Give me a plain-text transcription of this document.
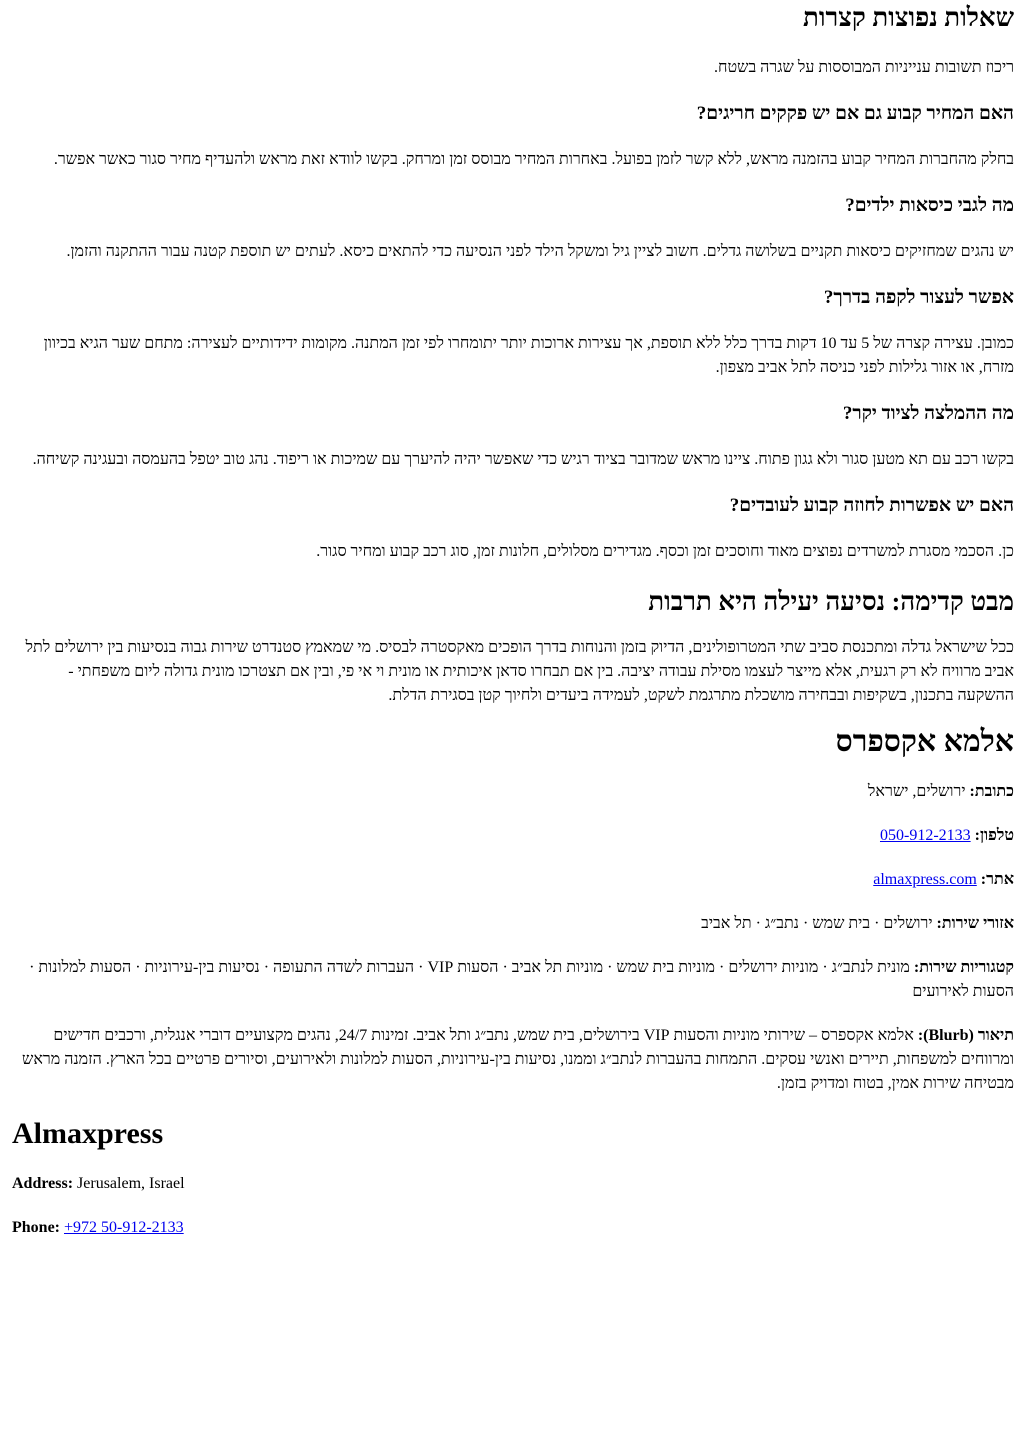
שאלות נפוצות קצרות

ריכוז תשובות ענייניות המבוססות על שגרה בשטח.

האם המחיר קבוע גם אם יש פקקים חריגים?

בחלק מהחברות המחיר קבוע בהזמנה מראש, ללא קשר לזמן בפועל. באחרות המחיר מבוסס זמן ומרחק. בקשו לוודא זאת מראש ולהעדיף מחיר סגור כאשר אפשר.

מה לגבי כיסאות ילדים?

יש נהגים שמחזיקים כיסאות תקניים בשלושה גדלים. חשוב לציין גיל ומשקל הילד לפני הנסיעה כדי להתאים כיסא. לעתים יש תוספת קטנה עבור ההתקנה והזמן.

אפשר לעצור לקפה בדרך?

כמובן. עצירה קצרה של 5 עד 10 דקות בדרך כלל ללא תוספת, אך עצירות ארוכות יותר יתומחרו לפי זמן המתנה. מקומות ידידותיים לעצירה: מתחם שער הגיא בכיוון מזרח, או אזור גלילות לפני כניסה לתל אביב מצפון.

מה ההמלצה לציוד יקר?

בקשו רכב עם תא מטען סגור ולא גגון פתוח. ציינו מראש שמדובר בציוד רגיש כדי שאפשר יהיה להיערך עם שמיכות או ריפוד. נהג טוב יטפל בהעמסה ובעגינה קשיחה.

האם יש אפשרות לחוזה קבוע לעובדים?

כן. הסכמי מסגרת למשרדים נפוצים מאוד וחוסכים זמן וכסף. מגדירים מסלולים, חלונות זמן, סוג רכב קבוע ומחיר סגור.

מבט קדימה: נסיעה יעילה היא תרבות

ככל שישראל גדלה ומתכנסת סביב שתי המטרופולינים, הדיוק בזמן והנוחות בדרך הופכים מאקסטרה לבסיס. מי שמאמץ סטנדרט שירות גבוה בנסיעות בין ירושלים לתל אביב מרוויח לא רק רגעית, אלא מייצר לעצמו מסילת עבודה יציבה. בין אם תבחרו סדאן איכותית או מונית וי אי פי, ובין אם תצטרכו מונית גדולה ליום משפחתי - ההשקעה בתכנון, בשקיפות ובבחירה מושכלת מתרגמת לשקט, לעמידה ביעדים ולחיוך קטן בסגירת הדלת.

אלמא אקספרס

כתובת: ירושלים, ישראל

טלפון: 050-912-2133

אתר: almaxpress.com

אזורי שירות: ירושלים · בית שמש · נתב״ג · תל אביב

קטגוריות שירות: מונית לנתב״ג · מוניות ירושלים · מוניות בית שמש · מוניות תל אביב · הסעות VIP · העברות לשדה התעופה · נסיעות בין-עירוניות · הסעות למלונות · הסעות לאירועים

תיאור (Blurb): אלמא אקספרס – שירותי מוניות והסעות VIP בירושלים, בית שמש, נתב״ג ותל אביב. זמינות 24/7, נהגים מקצועיים דוברי אנגלית, ורכבים חדישים ומרווחים למשפחות, תיירים ואנשי עסקים. התמחות בהעברות לנתב״ג וממנו, נסיעות בין-עירוניות, הסעות למלונות ולאירועים, וסיורים פרטיים בכל הארץ. הזמנה מראש מבטיחה שירות אמין, בטוח ומדויק בזמן.

Almaxpress

Address: Jerusalem, Israel

Phone: +972 50-912-2133
